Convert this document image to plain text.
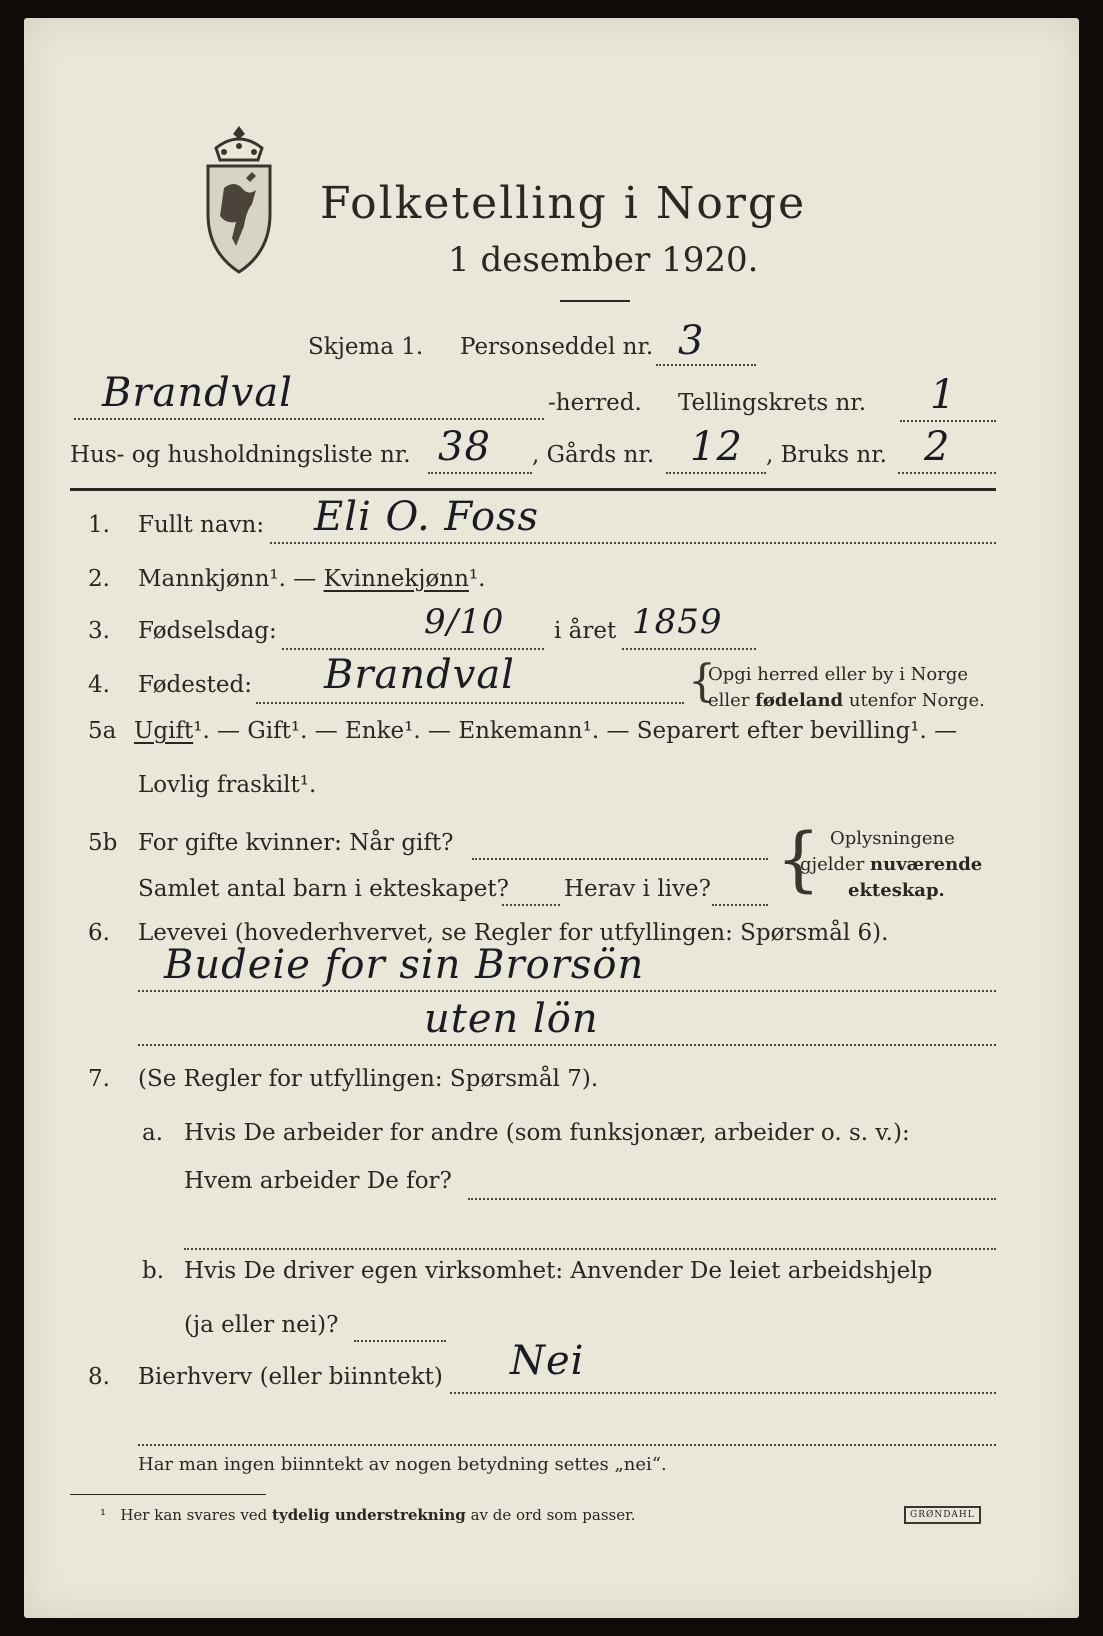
Folketelling i Norge
1 desember 1920.
Skjema 1. Personseddel nr. 3
Brandval	-herred. Tellingskrets nr. 1
Hus- og husholdningsliste nr. 38 , Gårds nr. 12 , Bruks nr. 2
1. Fullt navn: Eli O. Foss
2. Mannkjønn¹. — Kvinnekjønn¹.
3. Fødselsdag:	9/10 i året 1859
4. Fødested: Brandval	{
Opgi herred eller by i Norge
eller fødeland utenfor Norge.
5a Ugift¹. — Gift¹. — Enke¹. — Enkemann¹. — Separert efter bevilling¹. —
Lovlig fraskilt¹.
5b For gifte kvinner: Når gift?
Samlet antal barn i ekteskapet? Herav i live? { Oplysningene
gjelder nuværende
ekteskap.
6. Levevei (hovederhvervet, se Regler for utfyllingen: Spørsmål 6).
Budeie for sin Brorsön
uten lön
7. (Se Regler for utfyllingen: Spørsmål 7).
a. Hvis De arbeider for andre (som funksjonær, arbeider o. s. v.):
Hvem arbeider De for?
b. Hvis De driver egen virksomhet: Anvender De leiet arbeidshjelp
(ja eller nei)?
8. Bierhverv (eller biinntekt) Nei
Har man ingen biinntekt av nogen betydning settes „nei“.
¹ Her kan svares ved tydelig understrekning av de ord som passer.	GRØNDAHL
